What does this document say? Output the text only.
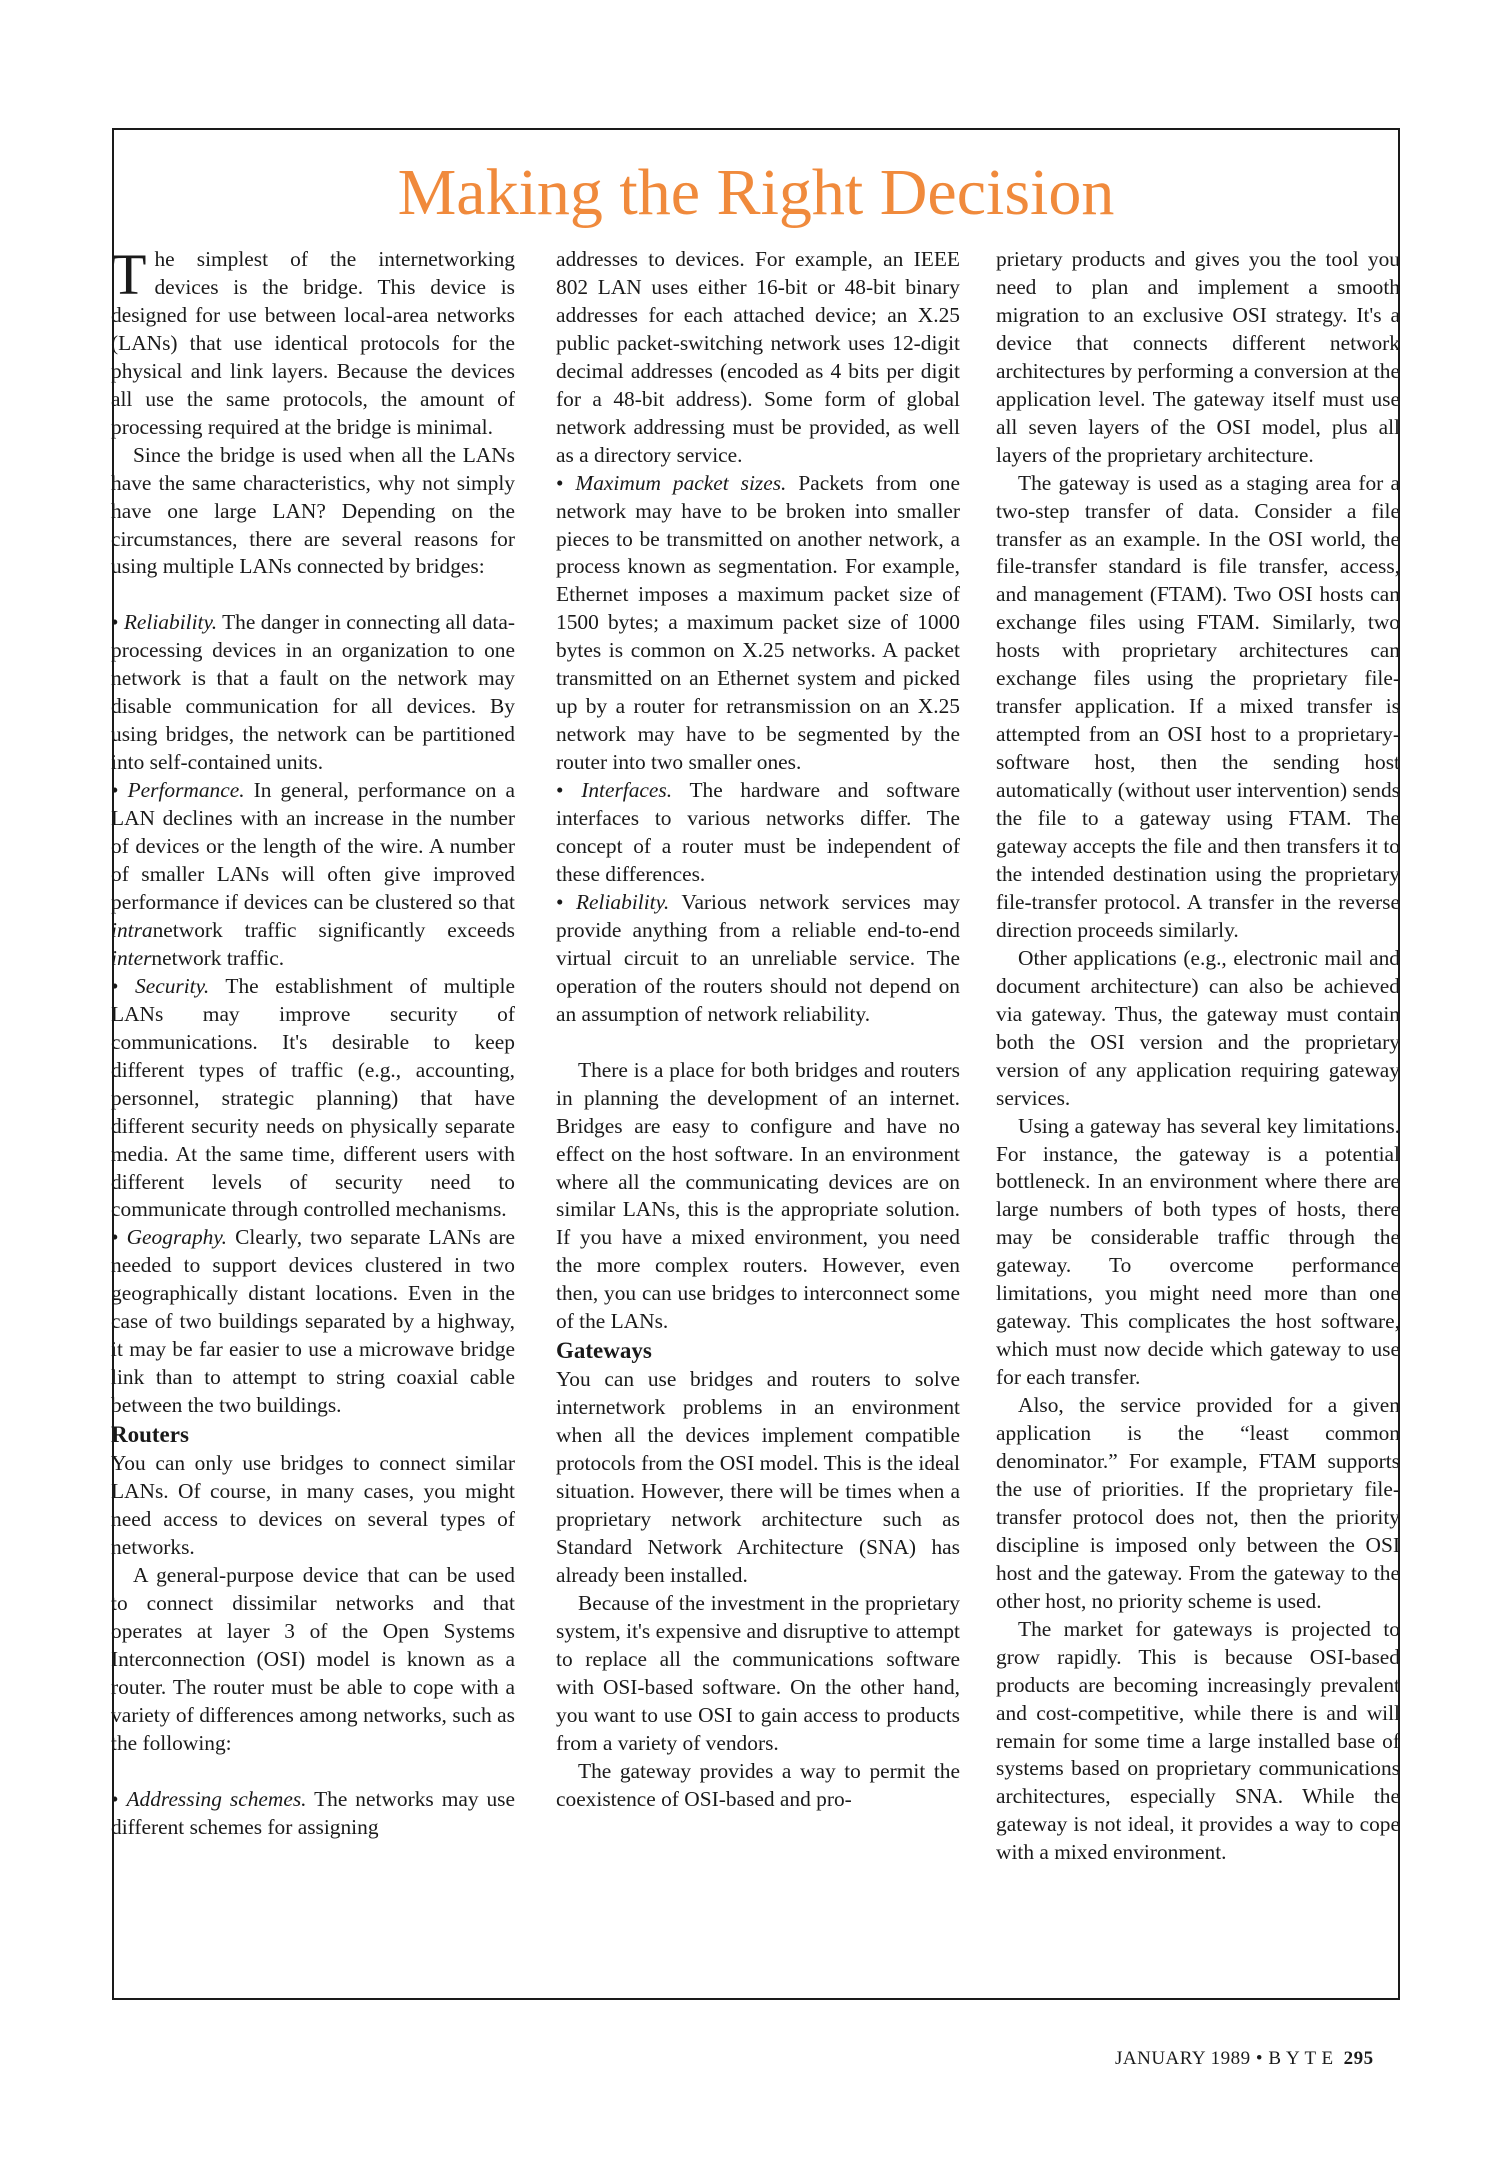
Making the Right Decision

The simplest of the internetworking devices is the bridge. This device is designed for use between local-area networks (LANs) that use identical protocols for the physical and link layers. Because the devices all use the same protocols, the amount of processing required at the bridge is minimal.

Since the bridge is used when all the LANs have the same characteristics, why not simply have one large LAN? Depending on the circumstances, there are several reasons for using multiple LANs connected by bridges:

• Reliability. The danger in connecting all data-processing devices in an organization to one network is that a fault on the network may disable communication for all devices. By using bridges, the network can be partitioned into self-contained units.

• Performance. In general, performance on a LAN declines with an increase in the number of devices or the length of the wire. A number of smaller LANs will often give improved performance if devices can be clustered so that intranetwork traffic significantly exceeds internetwork traffic.

• Security. The establishment of multiple LANs may improve security of communications. It's desirable to keep different types of traffic (e.g., accounting, personnel, strategic planning) that have different security needs on physically separate media. At the same time, different users with different levels of security need to communicate through controlled mechanisms.

• Geography. Clearly, two separate LANs are needed to support devices clustered in two geographically distant locations. Even in the case of two buildings separated by a highway, it may be far easier to use a microwave bridge link than to attempt to string coaxial cable between the two buildings.

Routers

You can only use bridges to connect similar LANs. Of course, in many cases, you might need access to devices on several types of networks.

A general-purpose device that can be used to connect dissimilar networks and that operates at layer 3 of the Open Systems Interconnection (OSI) model is known as a router. The router must be able to cope with a variety of differences among networks, such as the following:

• Addressing schemes. The networks may use different schemes for assigning

addresses to devices. For example, an IEEE 802 LAN uses either 16-bit or 48-bit binary addresses for each attached device; an X.25 public packet-switching network uses 12-digit decimal addresses (encoded as 4 bits per digit for a 48-bit address). Some form of global network addressing must be provided, as well as a directory service.

• Maximum packet sizes. Packets from one network may have to be broken into smaller pieces to be transmitted on another network, a process known as segmentation. For example, Ethernet imposes a maximum packet size of 1500 bytes; a maximum packet size of 1000 bytes is common on X.25 networks. A packet transmitted on an Ethernet system and picked up by a router for retransmission on an X.25 network may have to be segmented by the router into two smaller ones.

• Interfaces. The hardware and software interfaces to various networks differ. The concept of a router must be independent of these differences.

• Reliability. Various network services may provide anything from a reliable end-to-end virtual circuit to an unreliable service. The operation of the routers should not depend on an assumption of network reliability.

There is a place for both bridges and routers in planning the development of an internet. Bridges are easy to configure and have no effect on the host software. In an environment where all the communicating devices are on similar LANs, this is the appropriate solution. If you have a mixed environment, you need the more complex routers. However, even then, you can use bridges to interconnect some of the LANs.

Gateways

You can use bridges and routers to solve internetwork problems in an environment when all the devices implement compatible protocols from the OSI model. This is the ideal situation. However, there will be times when a proprietary network architecture such as Standard Network Architecture (SNA) has already been installed.

Because of the investment in the proprietary system, it's expensive and disruptive to attempt to replace all the communications software with OSI-based software. On the other hand, you want to use OSI to gain access to products from a variety of vendors.

The gateway provides a way to permit the coexistence of OSI-based and pro-

prietary products and gives you the tool you need to plan and implement a smooth migration to an exclusive OSI strategy. It's a device that connects different network architectures by performing a conversion at the application level. The gateway itself must use all seven layers of the OSI model, plus all layers of the proprietary architecture.

The gateway is used as a staging area for a two-step transfer of data. Consider a file transfer as an example. In the OSI world, the file-transfer standard is file transfer, access, and management (FTAM). Two OSI hosts can exchange files using FTAM. Similarly, two hosts with proprietary architectures can exchange files using the proprietary file-transfer application. If a mixed transfer is attempted from an OSI host to a proprietary-software host, then the sending host automatically (without user intervention) sends the file to a gateway using FTAM. The gateway accepts the file and then transfers it to the intended destination using the proprietary file-transfer protocol. A transfer in the reverse direction proceeds similarly.

Other applications (e.g., electronic mail and document architecture) can also be achieved via gateway. Thus, the gateway must contain both the OSI version and the proprietary version of any application requiring gateway services.

Using a gateway has several key limitations. For instance, the gateway is a potential bottleneck. In an environment where there are large numbers of both types of hosts, there may be considerable traffic through the gateway. To overcome performance limitations, you might need more than one gateway. This complicates the host software, which must now decide which gateway to use for each transfer.

Also, the service provided for a given application is the “least common denominator.” For example, FTAM supports the use of priorities. If the proprietary file-transfer protocol does not, then the priority discipline is imposed only between the OSI host and the gateway. From the gateway to the other host, no priority scheme is used.

The market for gateways is projected to grow rapidly. This is because OSI-based products are becoming increasingly prevalent and cost-competitive, while there is and will remain for some time a large installed base of systems based on proprietary communications architectures, especially SNA. While the gateway is not ideal, it provides a way to cope with a mixed environment.

JANUARY 1989 • B Y T E 295
